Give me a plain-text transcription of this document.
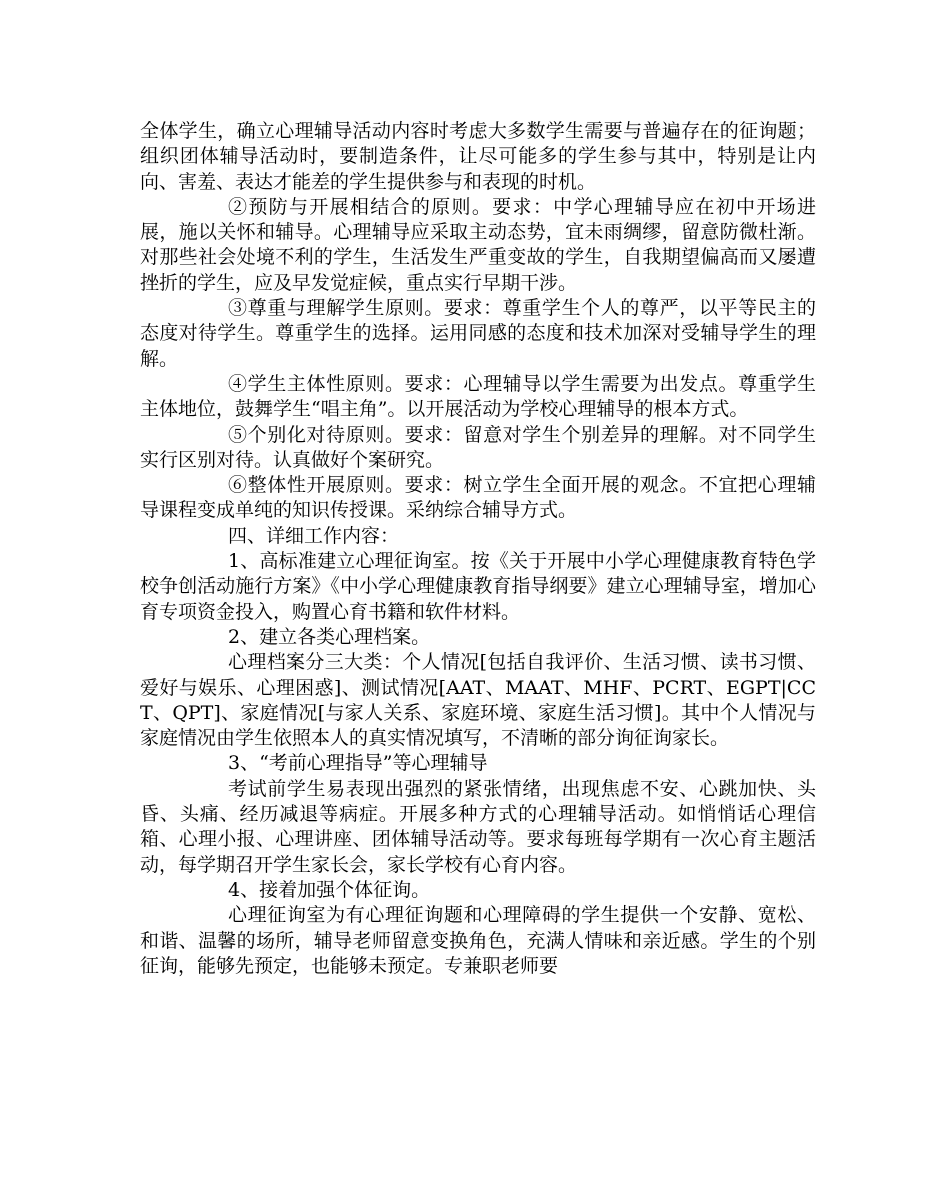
全体学生，确立心理辅导活动内容时考虑大多数学生需要与普遍存在的征询题；组织团体辅导活动时，要制造条件，让尽可能多的学生参与其中，特别是让内向、害羞、表达才能差的学生提供参与和表现的时机。

②预防与开展相结合的原则。要求：中学心理辅导应在初中开场进展，施以关怀和辅导。心理辅导应采取主动态势，宜未雨绸缪，留意防微杜渐。对那些社会处境不利的学生，生活发生严重变故的学生，自我期望偏高而又屡遭挫折的学生，应及早发觉症候，重点实行早期干涉。

③尊重与理解学生原则。要求：尊重学生个人的尊严，以平等民主的态度对待学生。尊重学生的选择。运用同感的态度和技术加深对受辅导学生的理解。

④学生主体性原则。要求：心理辅导以学生需要为出发点。尊重学生主体地位，鼓舞学生“唱主角”。以开展活动为学校心理辅导的根本方式。

⑤个别化对待原则。要求：留意对学生个别差异的理解。对不同学生实行区别对待。认真做好个案研究。

⑥整体性开展原则。要求：树立学生全面开展的观念。不宜把心理辅导课程变成单纯的知识传授课。采纳综合辅导方式。

四、详细工作内容：

1、高标准建立心理征询室。按《关于开展中小学心理健康教育特色学校争创活动施行方案》《中小学心理健康教育指导纲要》建立心理辅导室，增加心育专项资金投入，购置心育书籍和软件材料。

2、建立各类心理档案。

心理档案分三大类：个人情况[包括自我评价、生活习惯、读书习惯、爱好与娱乐、心理困惑]、测试情况[AAT、MAAT、MHF、PCRT、EGPT|CCT、QPT]、家庭情况[与家人关系、家庭环境、家庭生活习惯]。其中个人情况与家庭情况由学生依照本人的真实情况填写，不清晰的部分询征询家长。

3、“考前心理指导”等心理辅导

考试前学生易表现出强烈的紧张情绪，出现焦虑不安、心跳加快、头昏、头痛、经历减退等病症。开展多种方式的心理辅导活动。如悄悄话心理信箱、心理小报、心理讲座、团体辅导活动等。要求每班每学期有一次心育主题活动，每学期召开学生家长会，家长学校有心育内容。

4、接着加强个体征询。

心理征询室为有心理征询题和心理障碍的学生提供一个安静、宽松、和谐、温馨的场所，辅导老师留意变换角色，充满人情味和亲近感。学生的个别征询，能够先预定，也能够未预定。专兼职老师要
